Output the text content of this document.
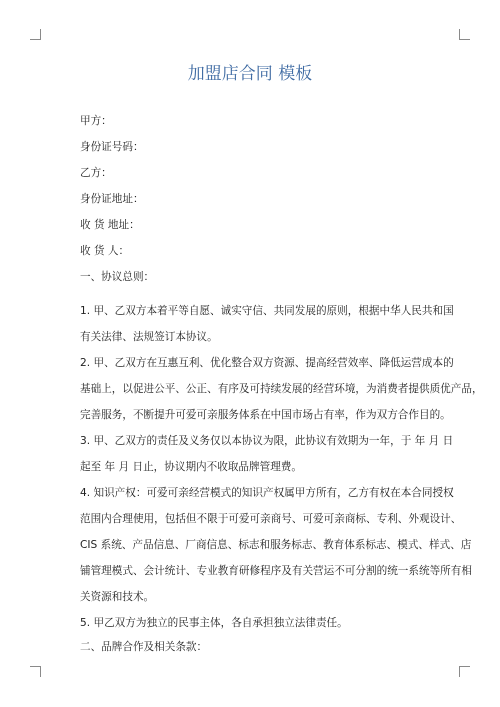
加盟店合同 模板
甲方：
身份证号码：
乙方：
身份证地址：
收 货 地址：
收 货 人：
一、协议总则：
1. 甲、乙双方本着平等自愿、诚实守信、共同发展的原则，根据中华人民共和国
有关法律、法规签订本协议。
2. 甲、乙双方在互惠互利、优化整合双方资源、提高经营效率、降低运营成本的
基础上，以促进公平、公正、有序及可持续发展的经营环境，为消费者提供质优产品，
完善服务，不断提升可爱可亲服务体系在中国市场占有率，作为双方合作目的。
3. 甲、乙双方的责任及义务仅以本协议为限，此协议有效期为一年，于 年 月 日
起至 年 月 日止，协议期内不收取品牌管理费。
4. 知识产权：可爱可亲经营模式的知识产权属甲方所有，乙方有权在本合同授权
范围内合理使用，包括但不限于可爱可亲商号、可爱可亲商标、专利、外观设计、
CIS 系统、产品信息、厂商信息、标志和服务标志、教育体系标志、模式、样式、店
铺管理模式、会计统计、专业教育研修程序及有关营运不可分割的统一系统等所有相
关资源和技术。
5. 甲乙双方为独立的民事主体，各自承担独立法律责任。
二、品牌合作及相关条款：
